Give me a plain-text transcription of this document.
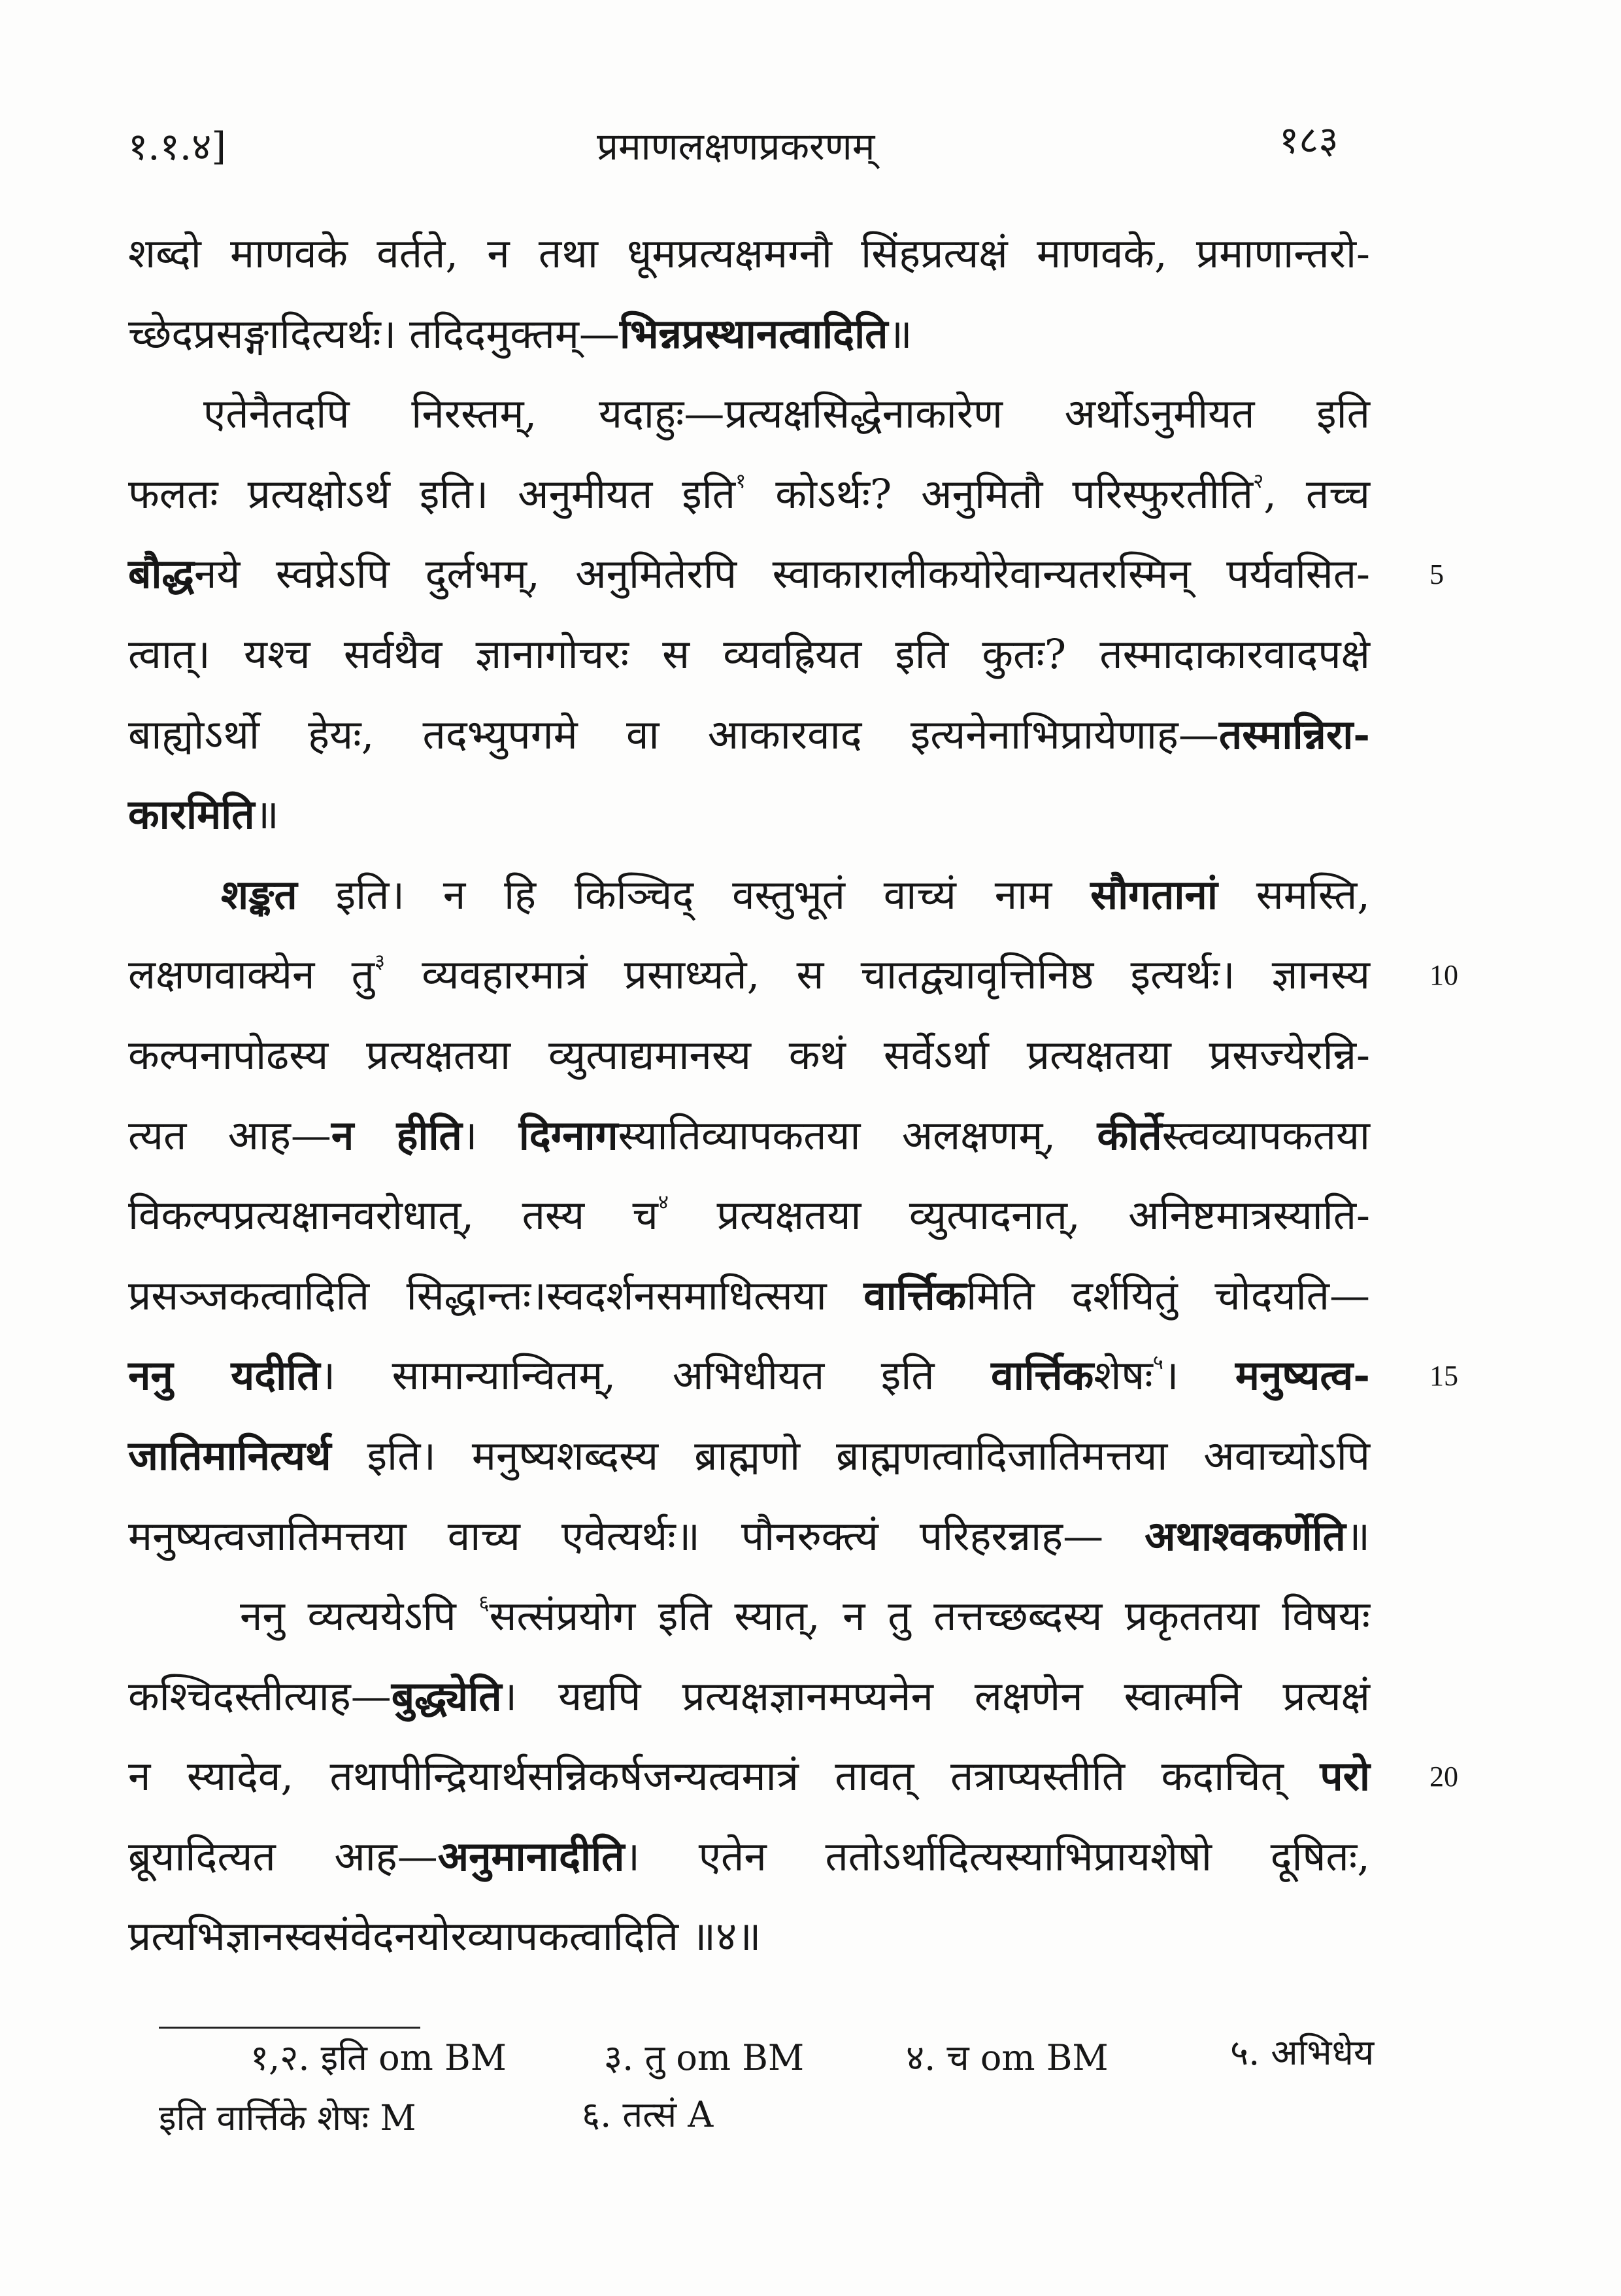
१.१.४]	प्रमाणलक्षणप्रकरणम्	१८३
शब्दो माणवके वर्तते, न तथा धूमप्रत्यक्षमग्नौ सिंहप्रत्यक्षं माणवके, प्रमाणान्तरो-
च्छेदप्रसङ्गादित्यर्थः। तदिदमुक्तम्—भिन्नप्रस्थानत्वादिति॥
एतेनैतदपि निरस्तम्, यदाहुः—प्रत्यक्षसिद्धेनाकारेण अर्थोऽनुमीयत इति
फलतः प्रत्यक्षोऽर्थ इति। अनुमीयत इति$^१$ कोऽर्थः? अनुमितौ परिस्फुरतीति$^२$, तच्च
बौद्धनये स्वप्नेऽपि दुर्लभम्, अनुमितेरपि स्वाकारालीकयोरेवान्यतरस्मिन् पर्यवसित-
त्वात्। यश्च सर्वथैव ज्ञानागोचरः स व्यवह्रियत इति कुतः? तस्मादाकारवादपक्षे
बाह्योऽर्थो हेयः, तदभ्युपगमे वा आकारवाद इत्यनेनाभिप्रायेणाह—तस्मान्निरा-
कारमिति॥
शङ्कत इति। न हि किञ्चिद् वस्तुभूतं वाच्यं नाम सौगतानां समस्ति,
लक्षणवाक्येन तु$^३$ व्यवहारमात्रं प्रसाध्यते, स चातद्व्यावृत्तिनिष्ठ इत्यर्थः। ज्ञानस्य
कल्पनापोढस्य प्रत्यक्षतया व्युत्पाद्यमानस्य कथं सर्वेऽर्था प्रत्यक्षतया प्रसज्येरन्नि-
त्यत आह—न हीति। दिग्नागस्यातिव्यापकतया अलक्षणम्, कीर्तेस्त्वव्यापकतया
विकल्पप्रत्यक्षानवरोधात्, तस्य च$^४$ प्रत्यक्षतया व्युत्पादनात्, अनिष्टमात्रस्याति-
प्रसञ्जकत्वादिति सिद्धान्तः।स्वदर्शनसमाधित्सया वार्त्तिकमिति दर्शयितुं चोदयति—
ननु यदीति। सामान्यान्वितम्, अभिधीयत इति वार्त्तिकशेषः$^५$। मनुष्यत्व-
जातिमानित्यर्थ इति। मनुष्यशब्दस्य ब्राह्मणो ब्राह्मणत्वादिजातिमत्तया अवाच्योऽपि
मनुष्यत्वजातिमत्तया वाच्य एवेत्यर्थः॥ पौनरुक्त्यं परिहरन्नाह— अथाश्वकर्णेति॥
ननु व्यत्ययेऽपि $^६$सत्संप्रयोग इति स्यात्, न तु तत्तच्छब्दस्य प्रकृततया विषयः
कश्चिदस्तीत्याह—बुद्ध्येति। यद्यपि प्रत्यक्षज्ञानमप्यनेन लक्षणेन स्वात्मनि प्रत्यक्षं
न स्यादेव, तथापीन्द्रियार्थसन्निकर्षजन्यत्वमात्रं तावत् तत्राप्यस्तीति कदाचित् परो
ब्रूयादित्यत आह—अनुमानादीति। एतेन ततोऽर्थादित्यस्याभिप्रायशेषो दूषितः,
प्रत्यभिज्ञानस्वसंवेदनयोरव्यापकत्वादिति ॥४॥
5
10
15
20
१,२. इति om BM	३. तु om BM	४. च om BM	५. अभिधेय
इति वार्त्तिके शेषः M	६. तत्सं A
